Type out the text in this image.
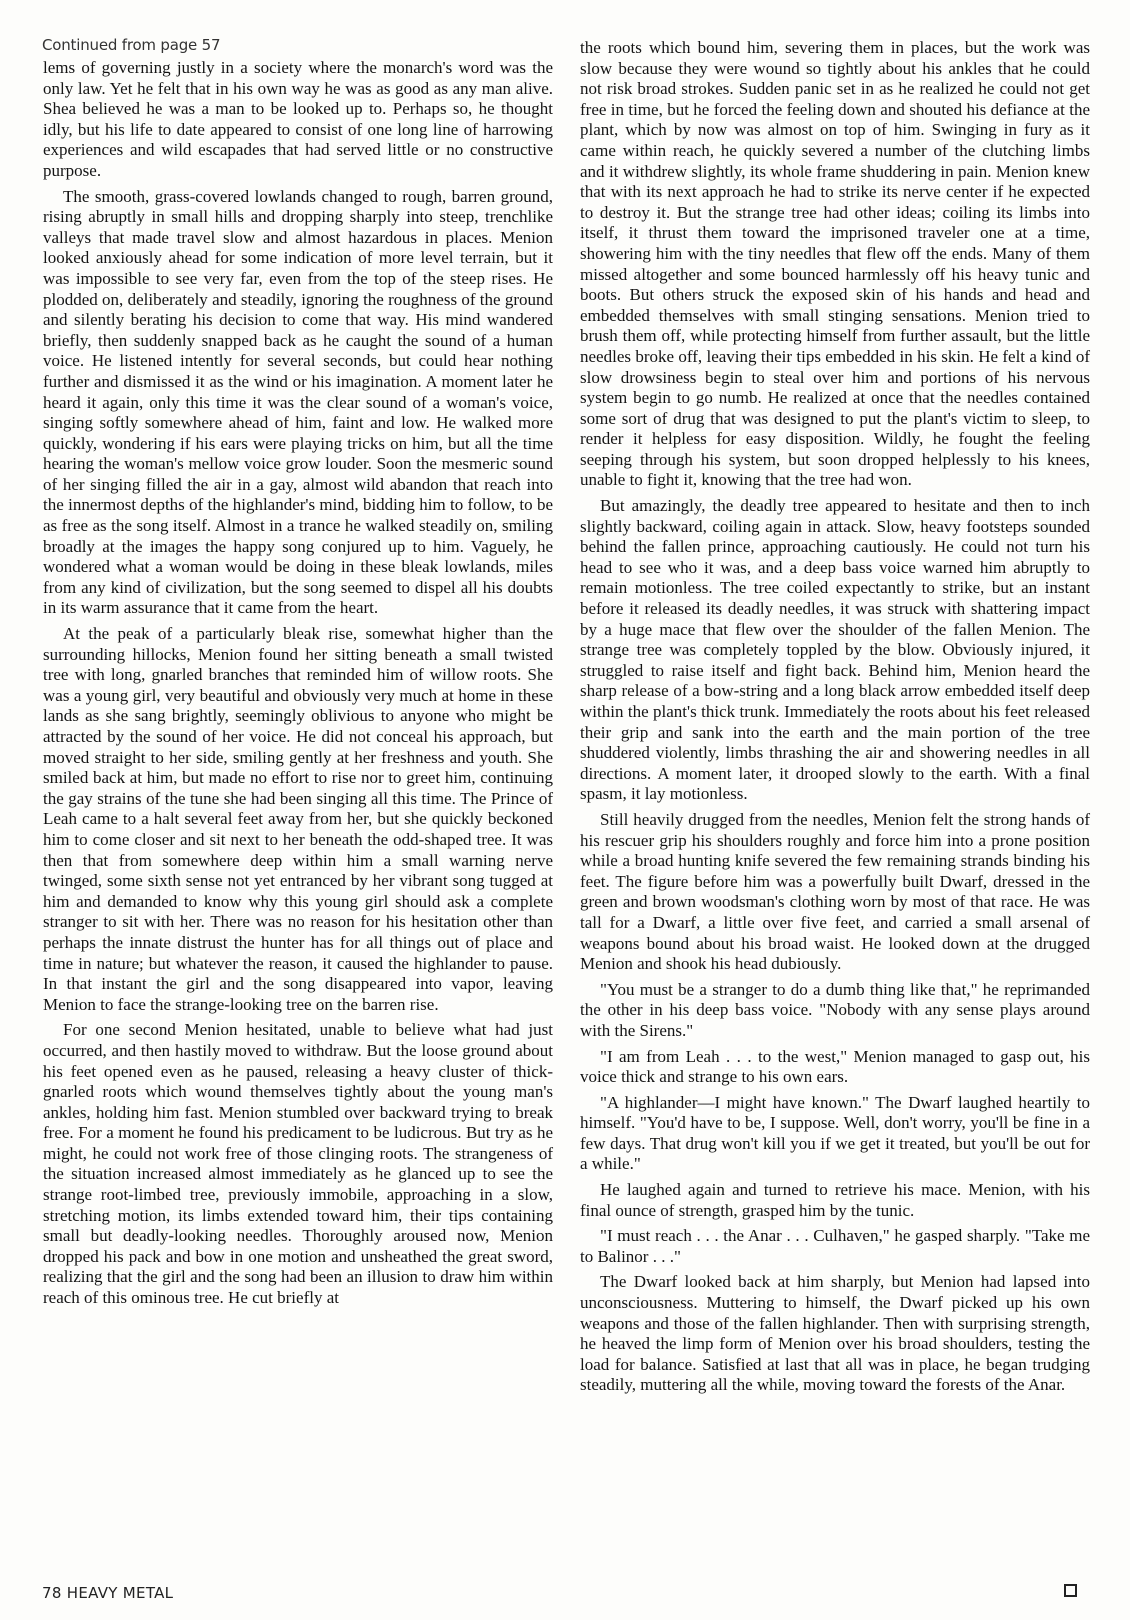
Continued from page 57

lems of governing justly in a society where the monarch's word was the only law. Yet he felt that in his own way he was as good as any man alive. Shea believed he was a man to be looked up to. Perhaps so, he thought idly, but his life to date appeared to consist of one long line of harrowing experiences and wild escapades that had served little or no constructive purpose.

The smooth, grass-covered lowlands changed to rough, barren ground, rising abruptly in small hills and dropping sharply into steep, trenchlike valleys that made travel slow and almost hazardous in places. Menion looked anxiously ahead for some indication of more level terrain, but it was impossible to see very far, even from the top of the steep rises. He plodded on, deliberately and steadily, ignoring the roughness of the ground and silently berating his decision to come that way. His mind wandered briefly, then suddenly snapped back as he caught the sound of a human voice. He listened intently for several seconds, but could hear nothing further and dismissed it as the wind or his imagination. A moment later he heard it again, only this time it was the clear sound of a woman's voice, singing softly somewhere ahead of him, faint and low. He walked more quickly, wondering if his ears were playing tricks on him, but all the time hearing the woman's mellow voice grow louder. Soon the mesmeric sound of her singing filled the air in a gay, almost wild abandon that reach into the innermost depths of the highlander's mind, bidding him to follow, to be as free as the song itself. Almost in a trance he walked steadily on, smiling broadly at the images the happy song conjured up to him. Vaguely, he wondered what a woman would be doing in these bleak lowlands, miles from any kind of civilization, but the song seemed to dispel all his doubts in its warm assurance that it came from the heart.

At the peak of a particularly bleak rise, somewhat higher than the surrounding hillocks, Menion found her sitting beneath a small twisted tree with long, gnarled branches that reminded him of willow roots. She was a young girl, very beautiful and obviously very much at home in these lands as she sang brightly, seemingly oblivious to anyone who might be attracted by the sound of her voice. He did not conceal his approach, but moved straight to her side, smiling gently at her freshness and youth. She smiled back at him, but made no effort to rise nor to greet him, continuing the gay strains of the tune she had been singing all this time. The Prince of Leah came to a halt several feet away from her, but she quickly beckoned him to come closer and sit next to her beneath the odd-shaped tree. It was then that from somewhere deep within him a small warning nerve twinged, some sixth sense not yet entranced by her vibrant song tugged at him and demanded to know why this young girl should ask a complete stranger to sit with her. There was no reason for his hesitation other than perhaps the innate distrust the hunter has for all things out of place and time in nature; but whatever the reason, it caused the highlander to pause. In that instant the girl and the song disappeared into vapor, leaving Menion to face the strange-looking tree on the barren rise.

For one second Menion hesitated, unable to believe what had just occurred, and then hastily moved to withdraw. But the loose ground about his feet opened even as he paused, releasing a heavy cluster of thick-gnarled roots which wound themselves tightly about the young man's ankles, holding him fast. Menion stumbled over backward trying to break free. For a moment he found his predicament to be ludicrous. But try as he might, he could not work free of those clinging roots. The strangeness of the situation increased almost immediately as he glanced up to see the strange root-limbed tree, previously immobile, approaching in a slow, stretching motion, its limbs extended toward him, their tips containing small but deadly-looking needles. Thoroughly aroused now, Menion dropped his pack and bow in one motion and unsheathed the great sword, realizing that the girl and the song had been an illusion to draw him within reach of this ominous tree. He cut briefly at

the roots which bound him, severing them in places, but the work was slow because they were wound so tightly about his ankles that he could not risk broad strokes. Sudden panic set in as he realized he could not get free in time, but he forced the feeling down and shouted his defiance at the plant, which by now was almost on top of him. Swinging in fury as it came within reach, he quickly severed a number of the clutching limbs and it withdrew slightly, its whole frame shuddering in pain. Menion knew that with its next approach he had to strike its nerve center if he expected to destroy it. But the strange tree had other ideas; coiling its limbs into itself, it thrust them toward the imprisoned traveler one at a time, showering him with the tiny needles that flew off the ends. Many of them missed altogether and some bounced harmlessly off his heavy tunic and boots. But others struck the exposed skin of his hands and head and embedded themselves with small stinging sensations. Menion tried to brush them off, while protecting himself from further assault, but the little needles broke off, leaving their tips embedded in his skin. He felt a kind of slow drowsiness begin to steal over him and portions of his nervous system begin to go numb. He realized at once that the needles contained some sort of drug that was designed to put the plant's victim to sleep, to render it helpless for easy disposition. Wildly, he fought the feeling seeping through his system, but soon dropped helplessly to his knees, unable to fight it, knowing that the tree had won.

But amazingly, the deadly tree appeared to hesitate and then to inch slightly backward, coiling again in attack. Slow, heavy footsteps sounded behind the fallen prince, approaching cautiously. He could not turn his head to see who it was, and a deep bass voice warned him abruptly to remain motionless. The tree coiled expectantly to strike, but an instant before it released its deadly needles, it was struck with shattering impact by a huge mace that flew over the shoulder of the fallen Menion. The strange tree was completely toppled by the blow. Obviously injured, it struggled to raise itself and fight back. Behind him, Menion heard the sharp release of a bow-string and a long black arrow embedded itself deep within the plant's thick trunk. Immediately the roots about his feet released their grip and sank into the earth and the main portion of the tree shuddered violently, limbs thrashing the air and showering needles in all directions. A moment later, it drooped slowly to the earth. With a final spasm, it lay motionless.

Still heavily drugged from the needles, Menion felt the strong hands of his rescuer grip his shoulders roughly and force him into a prone position while a broad hunting knife severed the few remaining strands binding his feet. The figure before him was a powerfully built Dwarf, dressed in the green and brown woodsman's clothing worn by most of that race. He was tall for a Dwarf, a little over five feet, and carried a small arsenal of weapons bound about his broad waist. He looked down at the drugged Menion and shook his head dubiously.

"You must be a stranger to do a dumb thing like that," he reprimanded the other in his deep bass voice. "Nobody with any sense plays around with the Sirens."

"I am from Leah . . . to the west," Menion managed to gasp out, his voice thick and strange to his own ears.

"A highlander—I might have known." The Dwarf laughed heartily to himself. "You'd have to be, I suppose. Well, don't worry, you'll be fine in a few days. That drug won't kill you if we get it treated, but you'll be out for a while."

He laughed again and turned to retrieve his mace. Menion, with his final ounce of strength, grasped him by the tunic.

"I must reach . . . the Anar . . . Culhaven," he gasped sharply. "Take me to Balinor . . ."

The Dwarf looked back at him sharply, but Menion had lapsed into unconsciousness. Muttering to himself, the Dwarf picked up his own weapons and those of the fallen highlander. Then with surprising strength, he heaved the limp form of Menion over his broad shoulders, testing the load for balance. Satisfied at last that all was in place, he began trudging steadily, muttering all the while, moving toward the forests of the Anar.

78 HEAVY METAL
